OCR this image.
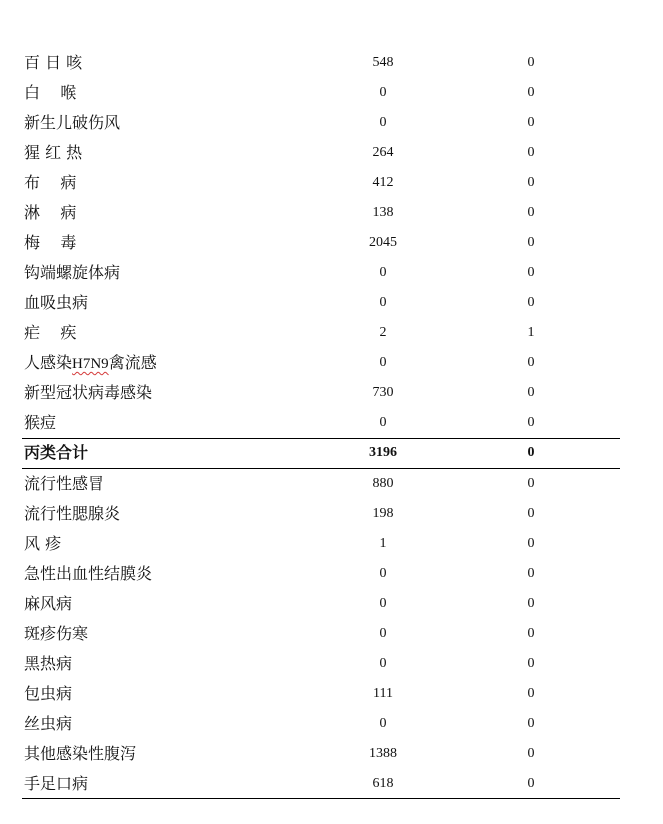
百 日 咳	548	0
白    喉	0	0
新生儿破伤风	0	0
猩 红 热	264	0
布    病	412	0
淋    病	138	0
梅    毒	2045	0
钩端螺旋体病	0	0
血吸虫病	0	0
疟    疾	2	1
人感染H7N9禽流感	0	0
新型冠状病毒感染	730	0
猴痘	0	0
丙类合计	3196	0
流行性感冒	880	0
流行性腮腺炎	198	0
风 疹	1	0
急性出血性结膜炎	0	0
麻风病	0	0
斑疹伤寒	0	0
黑热病	0	0
包虫病	111	0
丝虫病	0	0
其他感染性腹泻	1388	0
手足口病	618	0
